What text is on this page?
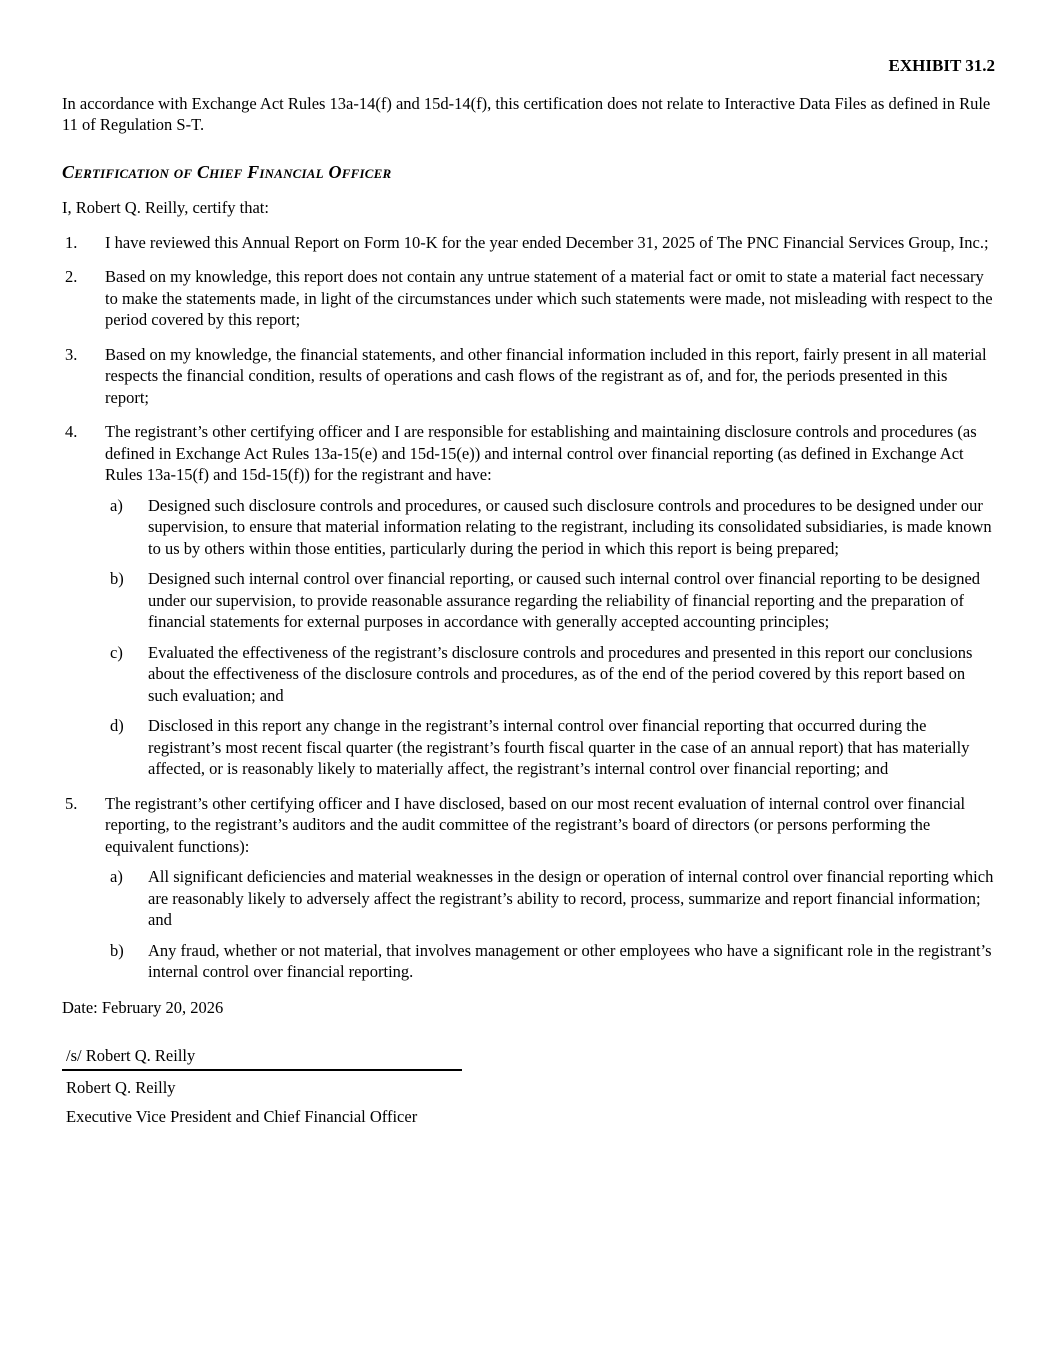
EXHIBIT 31.2
In accordance with Exchange Act Rules 13a-14(f) and 15d-14(f), this certification does not relate to Interactive Data Files as defined in Rule 11 of Regulation S-T.
Certification of Chief Financial Officer
I, Robert Q. Reilly, certify that:
1.	I have reviewed this Annual Report on Form 10-K for the year ended December 31, 2025 of The PNC Financial Services Group, Inc.;
2.	Based on my knowledge, this report does not contain any untrue statement of a material fact or omit to state a material fact necessary to make the statements made, in light of the circumstances under which such statements were made, not misleading with respect to the period covered by this report;
3.	Based on my knowledge, the financial statements, and other financial information included in this report, fairly present in all material respects the financial condition, results of operations and cash flows of the registrant as of, and for, the periods presented in this report;
4.	The registrant’s other certifying officer and I are responsible for establishing and maintaining disclosure controls and procedures (as defined in Exchange Act Rules 13a-15(e) and 15d-15(e)) and internal control over financial reporting (as defined in Exchange Act Rules 13a-15(f) and 15d-15(f)) for the registrant and have:
a)	Designed such disclosure controls and procedures, or caused such disclosure controls and procedures to be designed under our supervision, to ensure that material information relating to the registrant, including its consolidated subsidiaries, is made known to us by others within those entities, particularly during the period in which this report is being prepared;
b)	Designed such internal control over financial reporting, or caused such internal control over financial reporting to be designed under our supervision, to provide reasonable assurance regarding the reliability of financial reporting and the preparation of financial statements for external purposes in accordance with generally accepted accounting principles;
c)	Evaluated the effectiveness of the registrant’s disclosure controls and procedures and presented in this report our conclusions about the effectiveness of the disclosure controls and procedures, as of the end of the period covered by this report based on such evaluation; and
d)	Disclosed in this report any change in the registrant’s internal control over financial reporting that occurred during the registrant’s most recent fiscal quarter (the registrant’s fourth fiscal quarter in the case of an annual report) that has materially affected, or is reasonably likely to materially affect, the registrant’s internal control over financial reporting; and
5.	The registrant’s other certifying officer and I have disclosed, based on our most recent evaluation of internal control over financial reporting, to the registrant’s auditors and the audit committee of the registrant’s board of directors (or persons performing the equivalent functions):
a)	All significant deficiencies and material weaknesses in the design or operation of internal control over financial reporting which are reasonably likely to adversely affect the registrant’s ability to record, process, summarize and report financial information; and
b)	Any fraud, whether or not material, that involves management or other employees who have a significant role in the registrant’s internal control over financial reporting.
Date: February 20, 2026
/s/ Robert Q. Reilly
Robert Q. Reilly
Executive Vice President and Chief Financial Officer
